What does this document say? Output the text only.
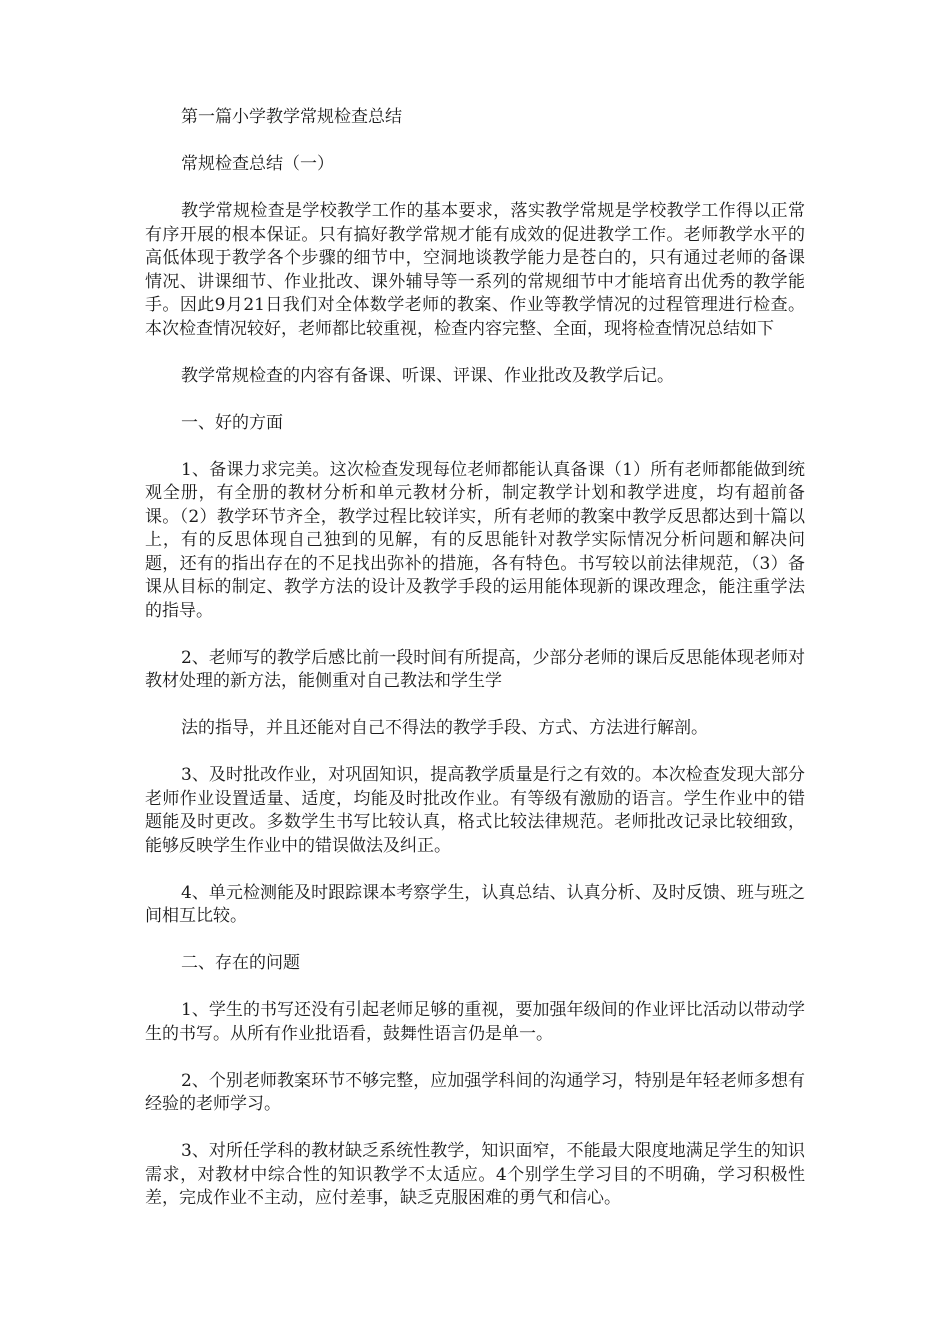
第一篇小学教学常规检查总结

常规检查总结（一）

教学常规检查是学校教学工作的基本要求，落实教学常规是学校教学工作得以正常有序开展的根本保证。只有搞好教学常规才能有成效的促进教学工作。老师教学水平的高低体现于教学各个步骤的细节中，空洞地谈教学能力是苍白的，只有通过老师的备课情况、讲课细节、作业批改、课外辅导等一系列的常规细节中才能培育出优秀的教学能手。因此9月21日我们对全体数学老师的教案、作业等教学情况的过程管理进行检查。本次检查情况较好，老师都比较重视，检查内容完整、全面，现将检查情况总结如下

教学常规检查的内容有备课、听课、评课、作业批改及教学后记。

一、好的方面

1、备课力求完美。这次检查发现每位老师都能认真备课（1）所有老师都能做到统观全册，有全册的教材分析和单元教材分析，制定教学计划和教学进度，均有超前备课。（2）教学环节齐全，教学过程比较详实，所有老师的教案中教学反思都达到十篇以上，有的反思体现自己独到的见解，有的反思能针对教学实际情况分析问题和解决问题，还有的指出存在的不足找出弥补的措施，各有特色。书写较以前法律规范，（3）备课从目标的制定、教学方法的设计及教学手段的运用能体现新的课改理念，能注重学法的指导。

2、老师写的教学后感比前一段时间有所提高，少部分老师的课后反思能体现老师对教材处理的新方法，能侧重对自己教法和学生学

法的指导，并且还能对自己不得法的教学手段、方式、方法进行解剖。

3、及时批改作业，对巩固知识，提高教学质量是行之有效的。本次检查发现大部分老师作业设置适量、适度，均能及时批改作业。有等级有激励的语言。学生作业中的错题能及时更改。多数学生书写比较认真，格式比较法律规范。老师批改记录比较细致，能够反映学生作业中的错误做法及纠正。

4、单元检测能及时跟踪课本考察学生，认真总结、认真分析、及时反馈、班与班之间相互比较。

二、存在的问题

1、学生的书写还没有引起老师足够的重视，要加强年级间的作业评比活动以带动学生的书写。从所有作业批语看，鼓舞性语言仍是单一。

2、个别老师教案环节不够完整，应加强学科间的沟通学习，特别是年轻老师多想有经验的老师学习。

3、对所任学科的教材缺乏系统性教学，知识面窄，不能最大限度地满足学生的知识需求，对教材中综合性的知识教学不太适应。4个别学生学习目的不明确，学习积极性差，完成作业不主动，应付差事，缺乏克服困难的勇气和信心。
